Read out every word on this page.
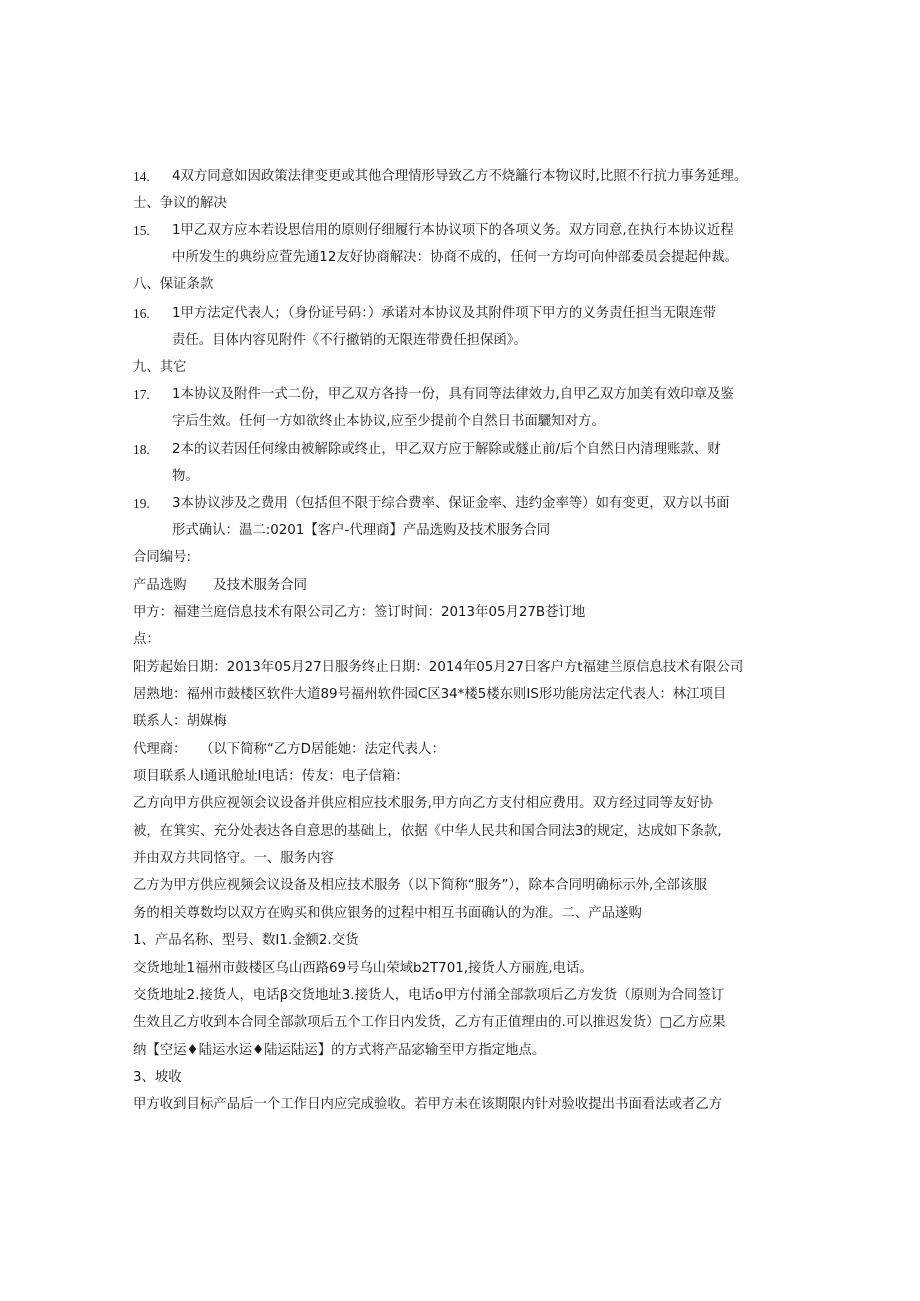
14. 4双方同意如因政策法律变更或其他合理情形导致乙方不烧籬行本物议时,比照不行抗力事务延理。
士、争议的解决
15. 1甲乙双方应本若设思信用的原则仔细履行本协议项下的各项义务。双方同意,在执行本协议近程
中所发生的典纷应萓先通12友好协商解决：协商不成的，任何一方均可向仲部委员会提起仲裁。
八、保证条款
16. 1甲方法定代表人；（身份证号码：）承诺对本协议及其附件项下甲方的义务责任担当无限连带
责任。目体内容见附件《不行撤销的无限连带费任担保函》。
九、其它
17. 1本协议及附件一式二份，甲乙双方各持一份，具有同等法律效力,自甲乙双方加美有效印章及鉴
字后生效。任何一方如欲终止本协议,应至少提前个自然日书面驪知对方。
18. 2本的议若因任何缘由被解除或终止，甲乙双方应于解除或燧止前/后个自然日内清理账款、财
物。
19. 3本协议涉及之费用（包括但不限于综合费率、保证金率、违约金率等）如有变更，双方以书面
形式确认：温二:0201【客户-代理商】产品选购及技术服务合同
合同编号:
产品选购　　及技术服务合同
甲方：福建兰庭信息技术有限公司乙方：签订时间：2013年05月27B苍订地
点：
阳芳起始日期：2013年05月27日服务终止日期：2014年05月27日客户方t福建兰原信息技术有限公司
居熟地：福州市鼓楼区软件大道89号福州软件园C区34*楼5楼东则IS形功能房法定代表人：林江项目
联系人：胡媒梅
代理商：　　（以下简称“乙方D居能她：法定代表人：
项目联系人I通讯舱址I电话：传友：电子信箱：
乙方向甲方供应视领会议设备并供应相应技术服务,甲方向乙方支付相应费用。双方经过同等友好协
被，在箕实、充分处表达各自意思的基础上，依据《中华人民共和国合同法3的规定，达成如下条款,
并由双方共同恪守。一、服务内容
乙方为甲方供应视频会议设备及相应技术服务（以下简称“服务”），除本合同明确标示外,全部该服
务的相关尊数均以双方在购买和供应银务的过程中相互书面确认的为准。二、产品遂购
1、产品名称、型号、数I1.金额2.交货
交货地址1福州市鼓楼区乌山西路69号乌山荣域b2T701,接货人方丽旌,电话。
交货地址2.接货人，电话β交货地址3.接货人，电话o甲方付涌全部款项后乙方发货（原则为合同签订
生效且乙方收到本合同全部款项后五个工作日内发货，乙方有正值理由的.可以推迟发货）□乙方应果
纳【空运♦陆运水运♦陆运陆运】的方式将产品宓输至甲方指定地点。
3、坡收
甲方收到目标产品后一个工作日内应完成验收。若甲方未在该期限内针对验收提出书面看法或者乙方
